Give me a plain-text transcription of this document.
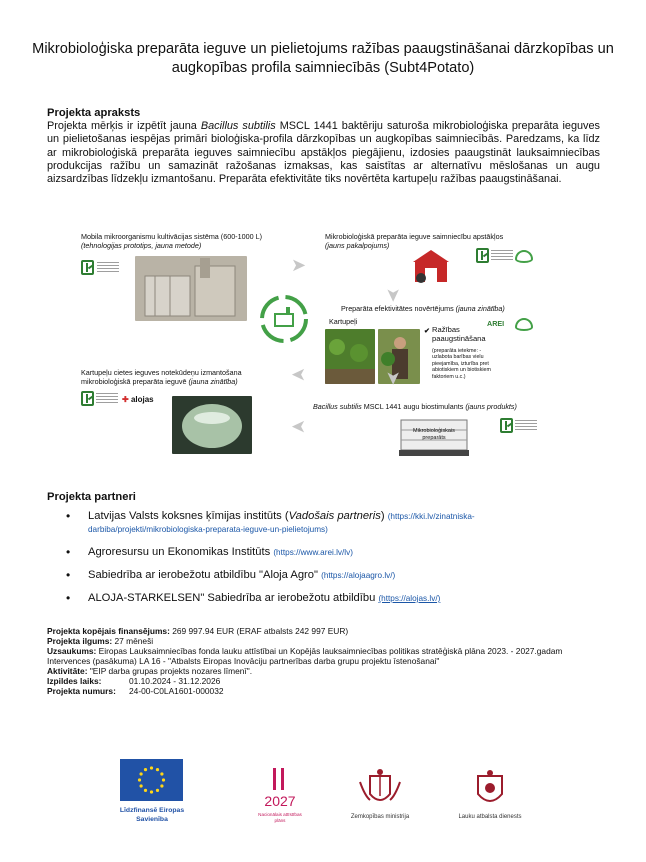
Mikrobioloģiska preparāta ieguve un pielietojums ražības paaugstināšanai dārzkopības un augkopības profila saimniecībās (Subt4Potato)
Projekta apraksts

Projekta mērķis ir izpētīt jauna Bacillus subtilis MSCL 1441 baktēriju saturoša mikrobioloģiska preparāta ieguves un pielietošanas iespējas primāri bioloģiska-profila dārzkopības un augkopības saimniecībās. Paredzams, ka līdz ar mikrobioloģiskā preparāta ieguves saimniecību apstākļos piegājienu, izdosies paaugstināt lauksaimniecības produkcijas ražību un samazināt ražošanas izmaksas, kas saistītas ar alternatīvu mēslošanas un augu aizsardzības līdzekļu izmantošanu. Preparāta efektivitāte tiks novērtēta kartupeļu ražības paaugstināšanai.

Mobila mikroorganismu kultivācijas sistēma (600-1000 L)
(tehnologijas prototips, jauna metode)
➤
Mikrobioloģiskā preparāta ieguve saimniecību apstākļos
(jauns pakalpojums)
➤
Preparāta efektivitātes novērtējums (jauna zinātība)
Kartupeļi
✔ Ražības paaugstināšana
(preparāta ietekme: - uzlabota barības vielu pieejamība, izturība pret abiotiskiem un biotiskiem faktoriem u.c.)
AREI
➤
➤
➤
Kartupeļu cietes ieguves notekūdeņu izmantošana mikrobioloģiskā preparāta ieguvē (jauna zinātība)
✚ alojas
Bacillus subtilis MSCL 1441 augu biostimulants (jauns produkts)
Mikrobioloģiskais preparāts
Projekta partneri
• Latvijas Valsts koksnes ķīmijas institūts (Vadošais partneris) (https://kki.lv/zinatniska-darbiba/projekti/mikrobiologiska-preparata-ieguve-un-pielietojums)
• Agroresursu un Ekonomikas Institūts (https://www.arei.lv/lv)
• Sabiedrība ar ierobežotu atbildību "Aloja Agro" (https://alojaagro.lv/)
• ALOJA-STARKELSEN" Sabiedrība ar ierobežotu atbildību (https://alojas.lv/)
Projekta kopējais finansējums: 269 997.94 EUR (ERAF atbalsts 242 997 EUR)
Projekta ilgums: 27 mēneši
Uzsaukums: Eiropas Lauksaimniecības fonda lauku attīstībai un Kopējās lauksaimniecības politikas stratēģiskā plāna 2023. - 2027.gadam Intervences (pasākuma) LA 16 - "Atbalsts Eiropas Inovāciju partnerības darba grupu projektu īstenošanai"
Aktivitāte: "EIP darba grupas projekts nozares līmenī".
Izpildes laiks:	01.10.2024 - 31.12.2026
Projekta numurs: 24-00-C0LA1601-000032
Līdzfinansē Eiropas Savienība
2027
Nacionālais attīstības plāns	Zemkopības ministrija	Lauku atbalsta dienests
